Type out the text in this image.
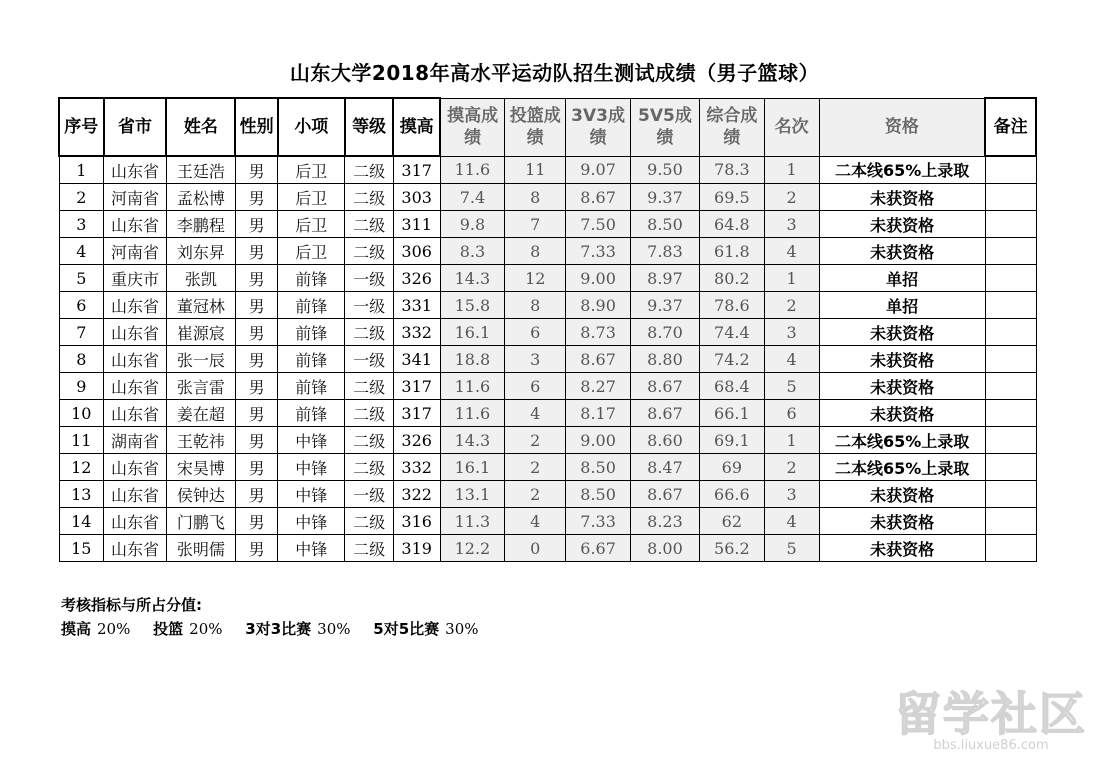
山东大学2018年高水平运动队招生测试成绩（男子篮球）
序号	省市	姓名	性别	小项	等级	摸高	摸高成绩	投篮成绩	3V3成绩	5V5成绩	综合成绩	名次	资格	备注
1	山东省	王廷浩	男	后卫	二级	317	11.6	11	9.07	9.50	78.3	1	二本线65%上录取	
2	河南省	孟松博	男	后卫	二级	303	7.4	8	8.67	9.37	69.5	2	未获资格	
3	山东省	李鹏程	男	后卫	二级	311	9.8	7	7.50	8.50	64.8	3	未获资格	
4	河南省	刘东昇	男	后卫	二级	306	8.3	8	7.33	7.83	61.8	4	未获资格	
5	重庆市	张凯	男	前锋	一级	326	14.3	12	9.00	8.97	80.2	1	单招	
6	山东省	董冠林	男	前锋	一级	331	15.8	8	8.90	9.37	78.6	2	单招	
7	山东省	崔源宸	男	前锋	二级	332	16.1	6	8.73	8.70	74.4	3	未获资格	
8	山东省	张一辰	男	前锋	一级	341	18.8	3	8.67	8.80	74.2	4	未获资格	
9	山东省	张言雷	男	前锋	二级	317	11.6	6	8.27	8.67	68.4	5	未获资格	
10	山东省	姜在超	男	前锋	二级	317	11.6	4	8.17	8.67	66.1	6	未获资格	
11	湖南省	王乾祎	男	中锋	二级	326	14.3	2	9.00	8.60	69.1	1	二本线65%上录取	
12	山东省	宋昊博	男	中锋	二级	332	16.1	2	8.50	8.47	69	2	二本线65%上录取	
13	山东省	侯钟达	男	中锋	一级	322	13.1	2	8.50	8.67	66.6	3	未获资格	
14	山东省	门鹏飞	男	中锋	二级	316	11.3	4	7.33	8.23	62	4	未获资格	
15	山东省	张明儒	男	中锋	二级	319	12.2	0	6.67	8.00	56.2	5	未获资格	
考核指标与所占分值:
摸高 20% 投篮 20% 3对3比赛 30% 5对5比赛 30%
留学社区
bbs.liuxue86.com
